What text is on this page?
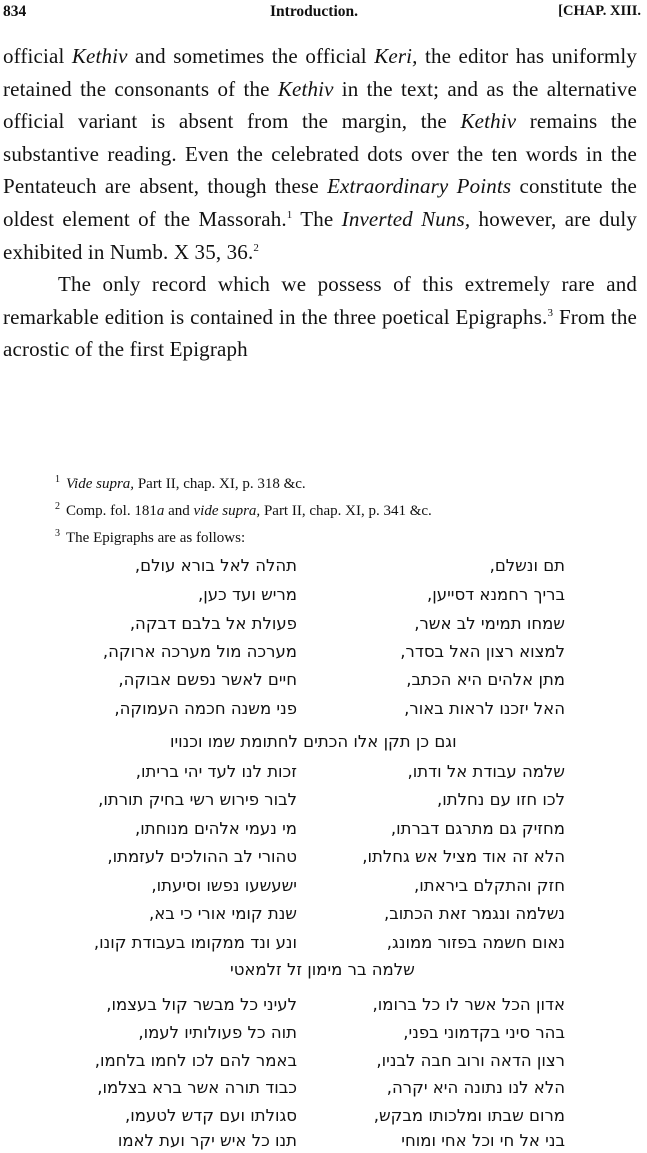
834	Introduction.	[CHAP. XIII.

official Kethiv and sometimes the official Keri, the editor has uniformly retained the consonants of the Kethiv in the text; and as the alternative official variant is absent from the margin, the Kethiv remains the substantive reading. Even the celebrated dots over the ten words in the Pentateuch are absent, though these Extraordinary Points constitute the oldest element of the Massorah.$^1$ The Inverted Nuns, however, are duly exhibited in Numb. X 35, 36.$^2$

The only record which we possess of this extremely rare and remarkable edition is contained in the three poetical Epigraphs.$^3$ From the acrostic of the first Epigraph

$^1$ Vide supra, Part II, chap. XI, p. 318 &c.
$^2$ Comp. fol. 181a and vide supra, Part II, chap. XI, p. 341 &c.
$^3$ The Epigraphs are as follows:
תם ונשלם,
תהלה לאל בורא עולם,
בריך רחמנא דסייען,
מריש ועד כען,
שמחו תמימי לב אשר,
פעולת אל בלבם דבקה,
למצוא רצון האל בסדר,
מערכה מול מערכה ארוקה,
מתן אלהים היא הכתב,
חיים לאשר נפשם אבוקה,
האל יזכנו לראות באור,
פני משנה חכמה העמוקה,
וגם כן תקן אלו הכתים לחתומת שמו וכנויו
שלמה עבודת אל ודתו,
זכות לנו לעד יהי בריתו,
לכו חזו עם נחלתו,
לבור פירוש רשי בחיק תורתו,
מחזיק גם מתרגם דברתו,
מי נעמי אלהים מנוחתו,
הלא זה אוד מציל אש גחלתו,
טהורי לב ההולכים לעזמתו,
חזק והתקלם ביראתו,
ישעשעו נפשו וסיעתו,
נשלמה ונגמר זאת הכתוב,
שנת קומי אורי כי בא,
נאום חשמה בפזור ממונג,
ונע ונד ממקומו בעבודת קונו,
שלמה בר מימון זל זלמאטי
אדון הכל אשר לו כל ברומו,
לעיני כל מבשר קול בעצמו,
בהר סיני בקדמוני בפני,
תוה כל פעולותיו לעמו,
רצון הדאה ורוב חבה לבניו,
באמר להם לכו לחמו בלחמו,
הלא לנו נתונה היא יקרה,
כבוד תורה אשר ברא בצלמו,
מרום שבתו ומלכותו מבקש,
סגולתו ועם קדש לטעמו,
בני אל חי וכל אחי ומוחי
תנו כל איש יקר ועת לאמו
